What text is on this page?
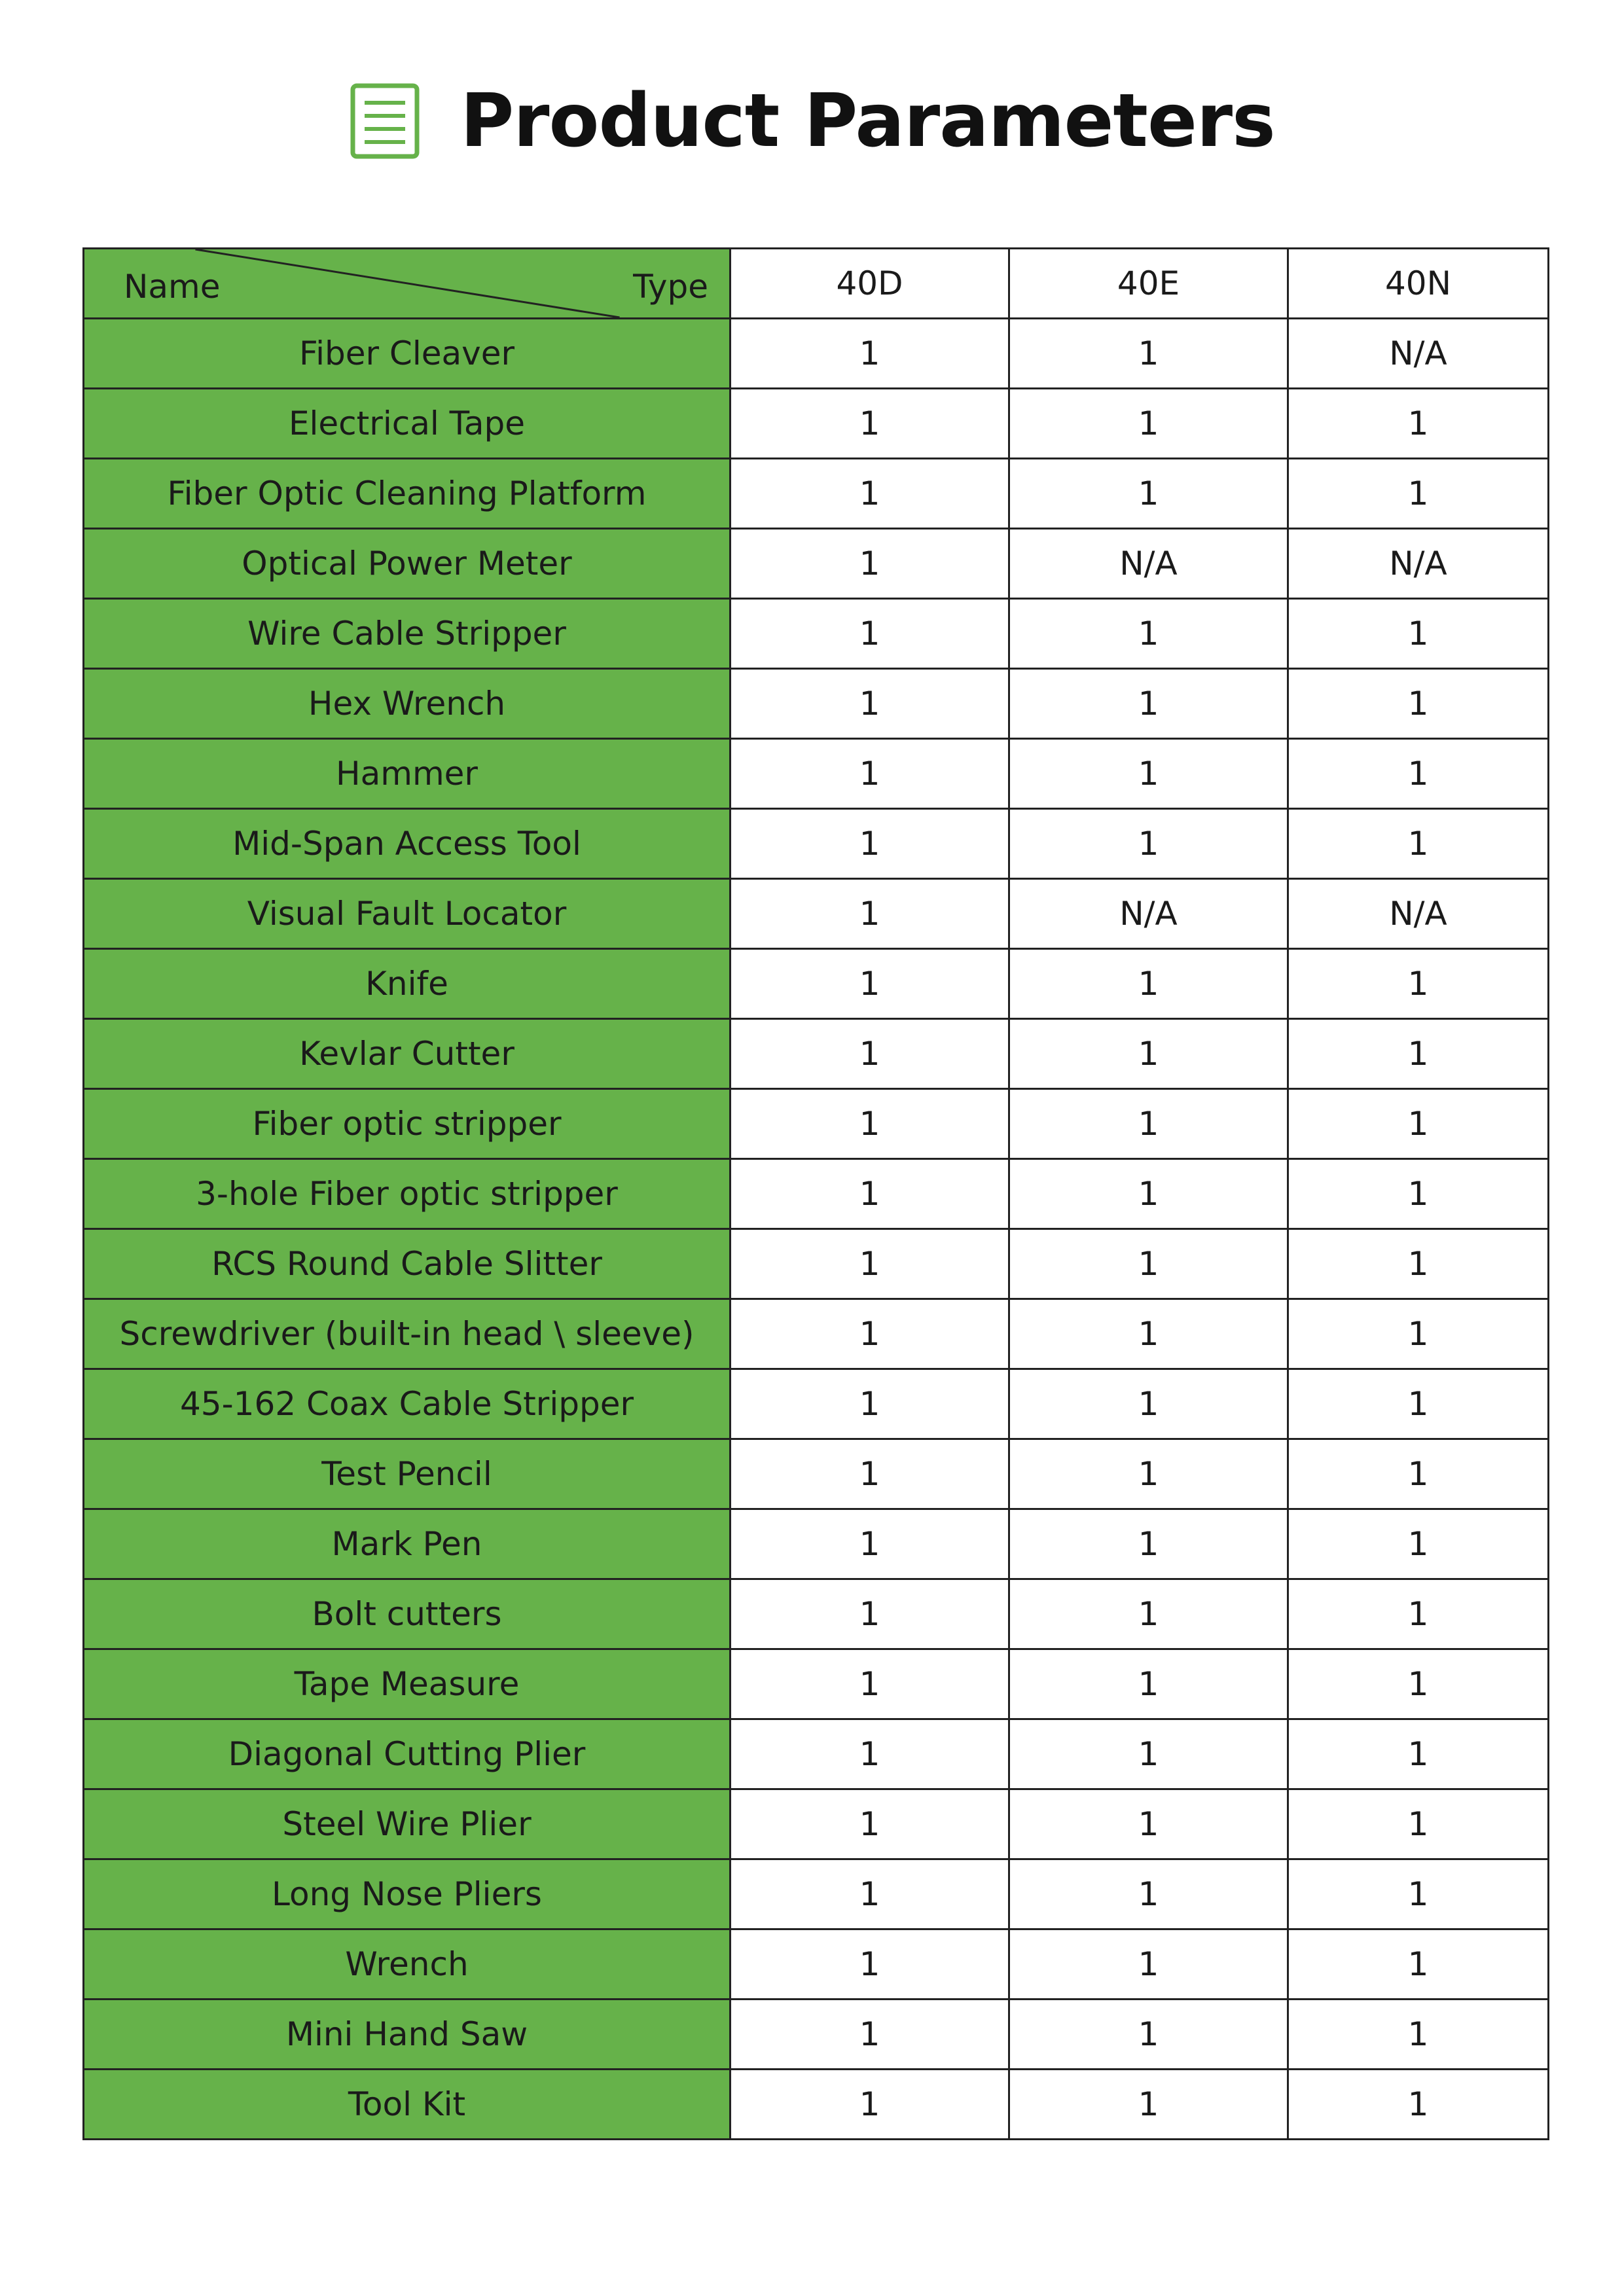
Product Parameters
Name Type	40D	40E	40N
Fiber Cleaver	1	1	N/A
Electrical Tape	1	1	1
Fiber Optic Cleaning Platform	1	1	1
Optical Power Meter	1	N/A	N/A
Wire Cable Stripper	1	1	1
Hex Wrench	1	1	1
Hammer	1	1	1
Mid-Span Access Tool	1	1	1
Visual Fault Locator	1	N/A	N/A
Knife	1	1	1
Kevlar Cutter	1	1	1
Fiber optic stripper	1	1	1
3-hole Fiber optic stripper	1	1	1
RCS Round Cable Slitter	1	1	1
Screwdriver (built-in head \ sleeve)	1	1	1
45-162 Coax Cable Stripper	1	1	1
Test Pencil	1	1	1
Mark Pen	1	1	1
Bolt cutters	1	1	1
Tape Measure	1	1	1
Diagonal Cutting Plier	1	1	1
Steel Wire Plier	1	1	1
Long Nose Pliers	1	1	1
Wrench	1	1	1
Mini Hand Saw	1	1	1
Tool Kit	1	1	1
